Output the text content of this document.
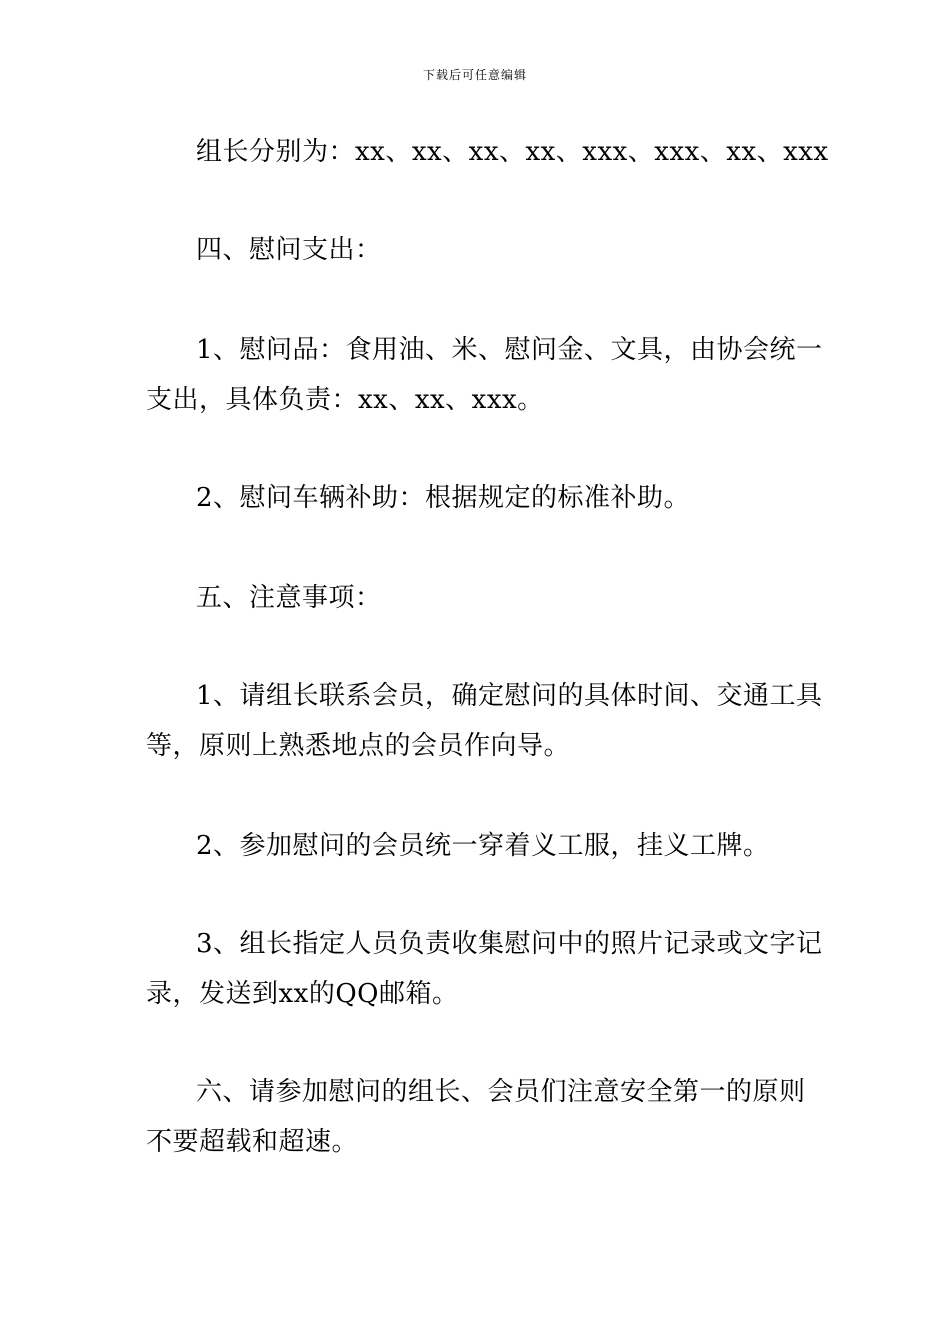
下载后可任意编辑
组长分别为：xx、xx、xx、xx、xxx、xxx、xx、xxx
四、慰问支出：
1、慰问品：食用油、米、慰问金、文具，由协会统一
支出，具体负责：xx、xx、xxx。
2、慰问车辆补助：根据规定的标准补助。
五、注意事项：
1、请组长联系会员，确定慰问的具体时间、交通工具
等，原则上熟悉地点的会员作向导。
2、参加慰问的会员统一穿着义工服，挂义工牌。
3、组长指定人员负责收集慰问中的照片记录或文字记
录，发送到xx的QQ邮箱。
六、请参加慰问的组长、会员们注意安全第一的原则
不要超载和超速。
